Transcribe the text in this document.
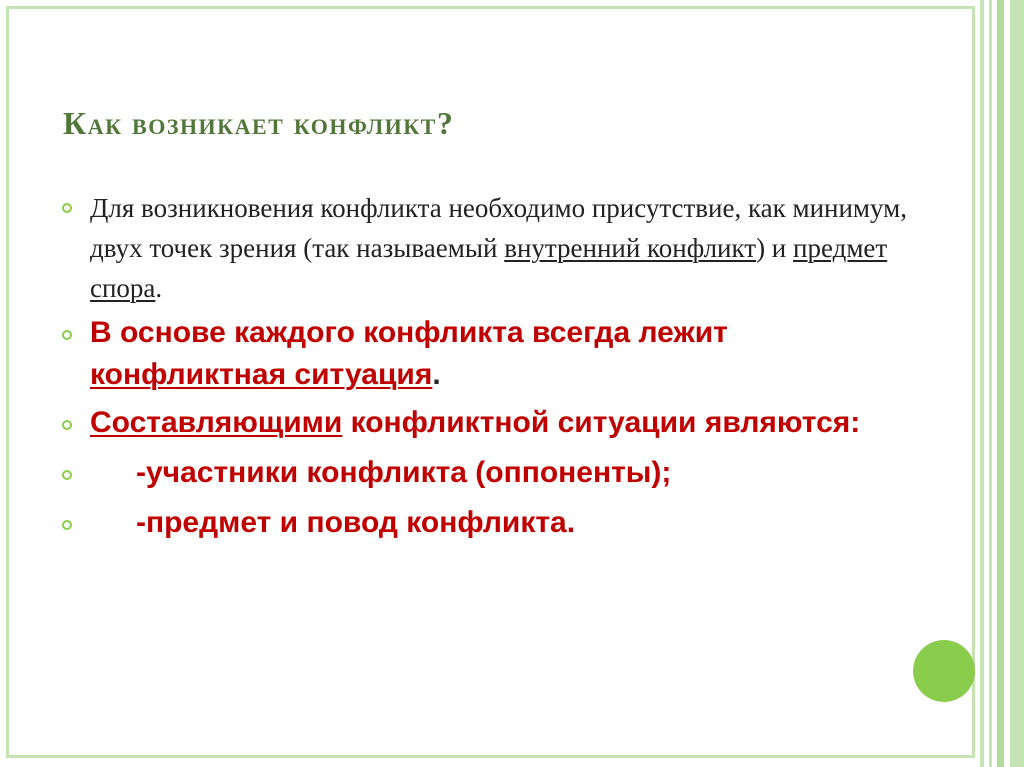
Как возникает конфликт?
Для возникновения конфликта необходимо присутствие, как минимум, двух точек зрения (так называемый внутренний конфликт) и предмет спора.
В основе каждого конфликта всегда лежит конфликтная ситуация.
Составляющими конфликтной ситуации являются:
-участники конфликта (оппоненты);
-предмет и повод конфликта.
